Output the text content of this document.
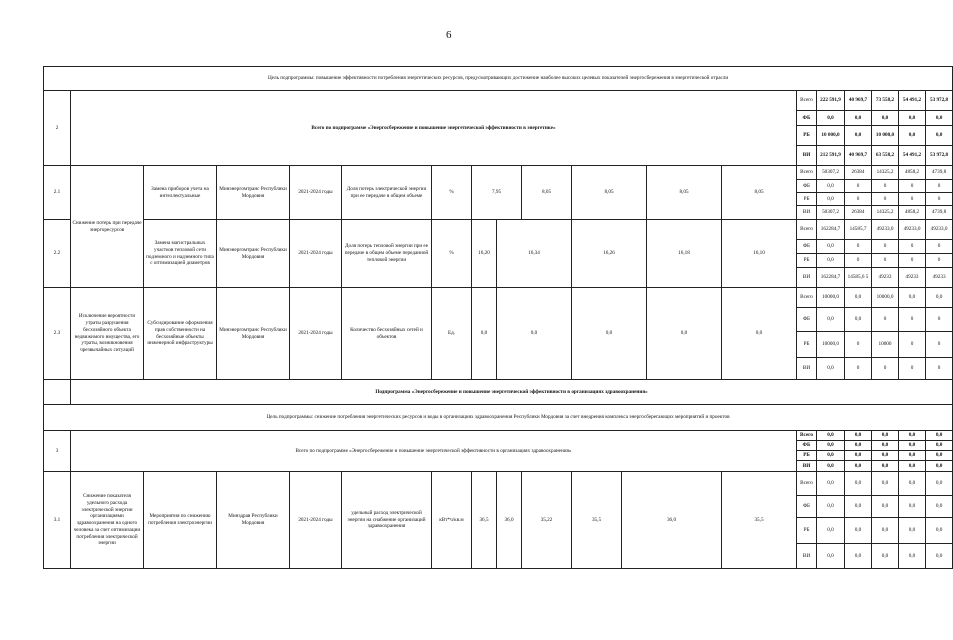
6
Цель подпрограммы: повышение эффективности потребления энергетических ресурсов, предусматривающих достижение наиболее высоких целевых показателей энергосбережения в энергетической отрасли																			
2	Всего по подпрограмме «Энергосбережение и повышение энергетической эффективности в энергетике»													Всего	222 591,9	40 969,7	73 558,2	54 491,2	53 972,8
														ФБ	0,0	0,0	0,0	0,0	0,0
														РБ	10 000,0	0,0	10 000,0	0,0	0,0
														ВИ	212 591,9	40 969,7	63 558,2	54 491,2	53 972,8
2.1	Снижение потерь при передаче энергоресурсов	Замена приборов учета на интеллектуальные	Минэнергомтранс Республики Мордовия	2021-2024 годы	Доля потерь электрической энергии при ее передаче в общем объеме	%	7,95		8,05	8,05		8,05	8,05	Всего	50307,2	26384	14325,2	4858,2	4739,8
														ФБ	0,0	0	0	0	0
														РБ	0,0	0	0	0	0
														ВИ	50307,2	26384	14325,2	4858,2	4739,8
2.2		Замена магистральных участков тепловой сети подземного и надземного типа с оптимизацией диаметров	Минэнергомтранс Республики Мордовия	2021-2024 годы	Доля потерь тепловой энергии при ее передаче в общем объеме переданной тепловой энергии	%	16,20	16,34		16,26		16,18	16,10	Всего	162284,7	14585,7	49233,0	49233,0	49233,0
														ФБ	0,0	0	0	0	0
														РБ	0,0	0	0	0	0
														ВИ	162284,7	14585,6 5	49233	49233	49233
2.3	Исключение вероятности утраты разрушения бесхозяйного объекта недвижимого имущества, его утраты, возникновения чрезвычайных ситуаций	Субсидирование оформления прав собственности на бесхозяйные объекты инженерной инфраструктуры	Минэнергомтранс Республики Мордовия	2021-2024 годы	Количество бесхозяйных сетей и объектов	Ед.	0,0	0,0		0,0		0,0	0,0	Всего	10000,0	0,0	10000,0	0,0	0,0
														ФБ	0,0	0,0	0	0	0
														РБ	10000,0	0	10000	0	0
														ВИ	0,0	0	0	0	0
	Подпрограмма «Энергосбережение и повышение энергетической эффективности в организациях здравоохранения»																		
Цель подпрограммы: снижение потребления энергетических ресурсов и воды в организациях здравоохранения Республики Мордовия за счет внедрения комплекса энергосберегающих мероприятий и проектов																			
3	Всего по подпрограмме «Энергосбережение и повышение энергетической эффективности в организациях здравоохранения»													Всего	0,0	0,0	0,0	0,0	0,0
														ФБ	0,0	0,0	0,0	0,0	0,0
														РБ	0,0	0,0	0,0	0,0	0,0
														ВИ	0,0	0,0	0,0	0,0	0,0
3.1	Снижение показателя удельного расхода электрической энергии организациями здравоохранения на одного человека за счет оптимизации потребления электрической энергии	Мероприятия по снижению потребления электроэнергии	Минздрав Республики Мордовия	2021-2024 годы	удельный расход электрической энергии на снабжение организаций здравоохранения	кВт*ч/кв.м	36,5	36,0	35,22	35,5	36,0		35,5	Всего	0,0	0,0	0,0	0,0	0,0
														ФБ	0,0	0,0	0,0	0,0	0,0
														РБ	0,0	0,0	0,0	0,0	0,0
														ВИ	0,0	0,0	0,0	0,0	0,0
